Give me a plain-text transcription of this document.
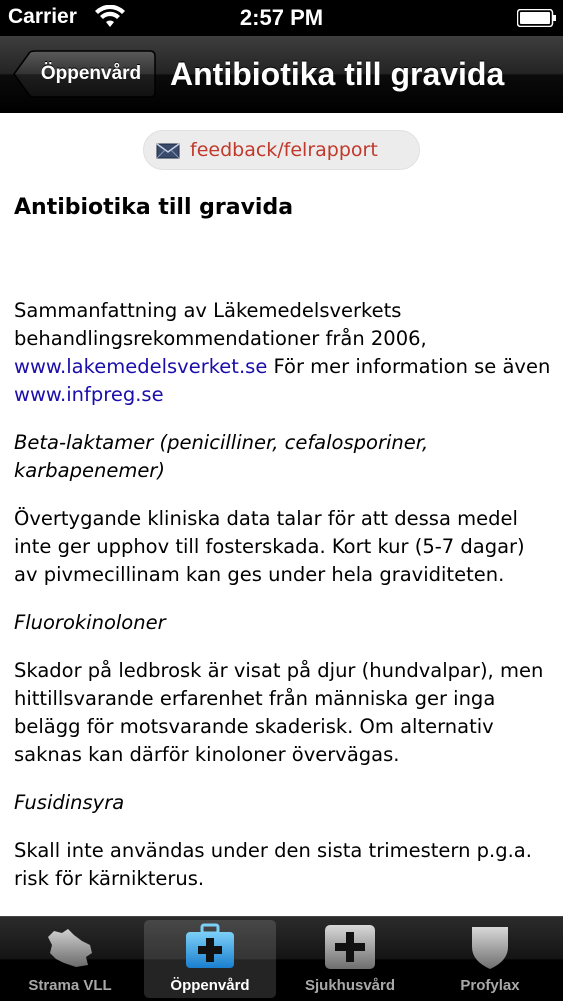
Carrier	2:57 PM
Öppenvård Antibiotika till gravida
feedback/felrapport
Antibiotika till gravida

Sammanfattning av Läkemedelsverkets behandlingsrekommendationer från 2006, www.lakemedelsverket.se För mer information se även www.infpreg.se

Beta-laktamer (penicilliner, cefalosporiner, karbapenemer)

Övertygande kliniska data talar för att dessa medel inte ger upphov till fosterskada. Kort kur (5-7 dagar) av pivmecillinam kan ges under hela graviditeten.

Fluorokinoloner

Skador på ledbrosk är visat på djur (hundvalpar), men hittillsvarande erfarenhet från människa ger inga belägg för motsvarande skaderisk. Om alternativ saknas kan därför kinoloner övervägas.

Fusidinsyra

Skall inte användas under den sista trimestern p.g.a. risk för kärnikterus.

Strama VLL	Öppenvård	Sjukhusvård	Profylax
